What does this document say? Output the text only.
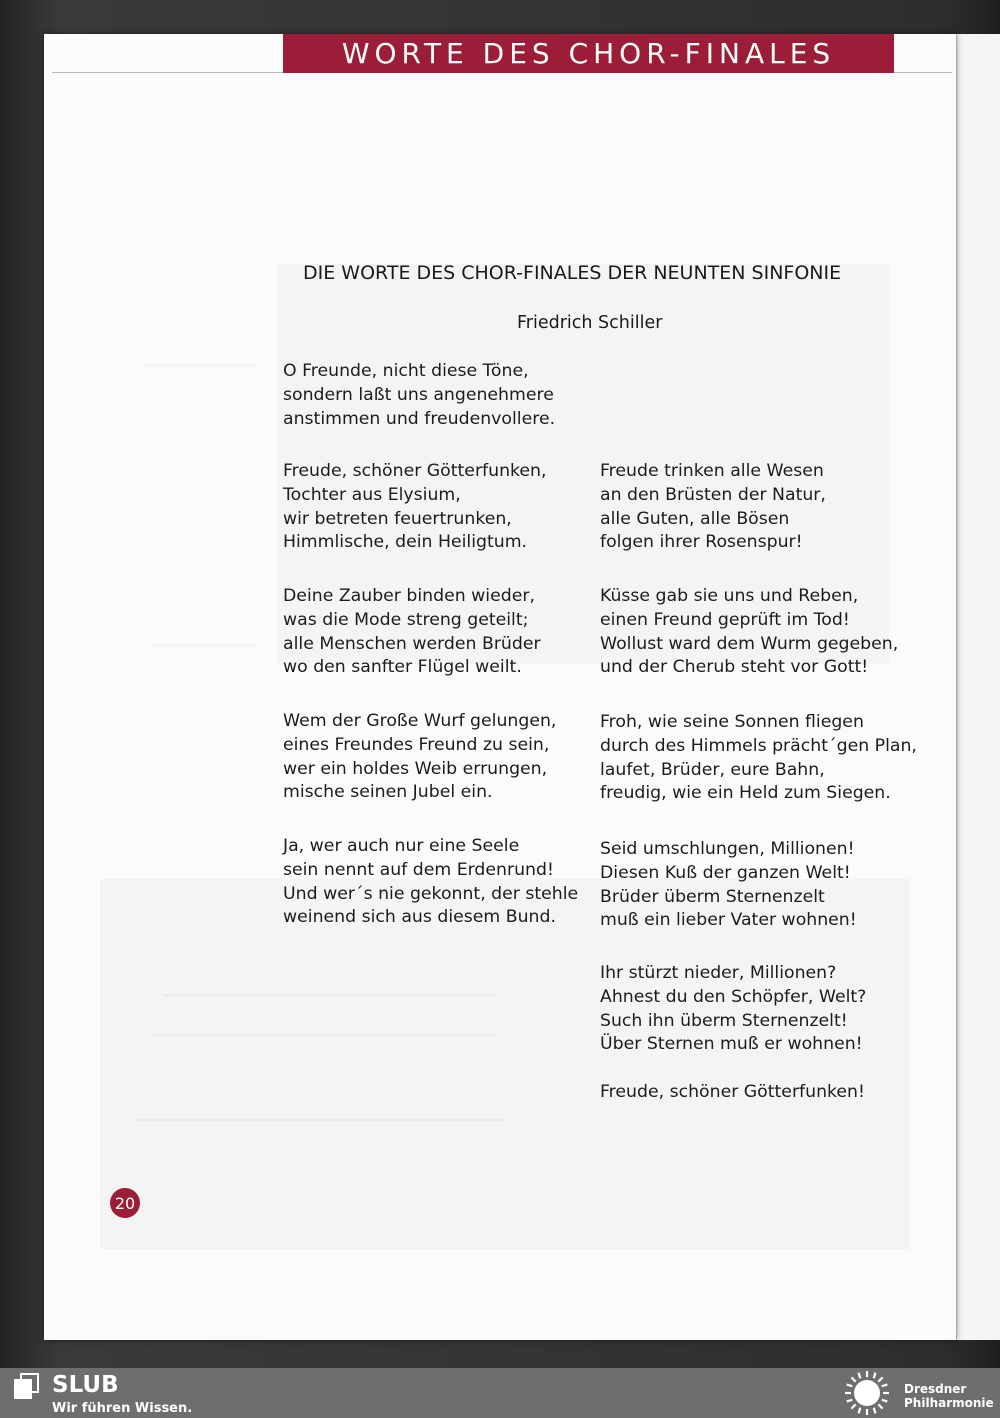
WORTE DES CHOR-FINALES
DIE WORTE DES CHOR-FINALES DER NEUNTEN SINFONIE
Friedrich Schiller
O Freunde, nicht diese Töne,
sondern laßt uns angenehmere
anstimmen und freudenvollere.
Freude, schöner Götterfunken,
Tochter aus Elysium,
wir betreten feuertrunken,
Himmlische, dein Heiligtum.
Deine Zauber binden wieder,
was die Mode streng geteilt;
alle Menschen werden Brüder
wo den sanfter Flügel weilt.
Wem der Große Wurf gelungen,
eines Freundes Freund zu sein,
wer ein holdes Weib errungen,
mische seinen Jubel ein.
Ja, wer auch nur eine Seele
sein nennt auf dem Erdenrund!
Und wer´s nie gekonnt, der stehle
weinend sich aus diesem Bund.
Freude trinken alle Wesen
an den Brüsten der Natur,
alle Guten, alle Bösen
folgen ihrer Rosenspur!
Küsse gab sie uns und Reben,
einen Freund geprüft im Tod!
Wollust ward dem Wurm gegeben,
und der Cherub steht vor Gott!
Froh, wie seine Sonnen fliegen
durch des Himmels prächt´gen Plan,
laufet, Brüder, eure Bahn,
freudig, wie ein Held zum Siegen.
Seid umschlungen, Millionen!
Diesen Kuß der ganzen Welt!
Brüder überm Sternenzelt
muß ein lieber Vater wohnen!
Ihr stürzt nieder, Millionen?
Ahnest du den Schöpfer, Welt?
Such ihn überm Sternenzelt!
Über Sternen muß er wohnen!
Freude, schöner Götterfunken!
20
SLUB
Wir führen Wissen.
Dresdner
Philharmonie
